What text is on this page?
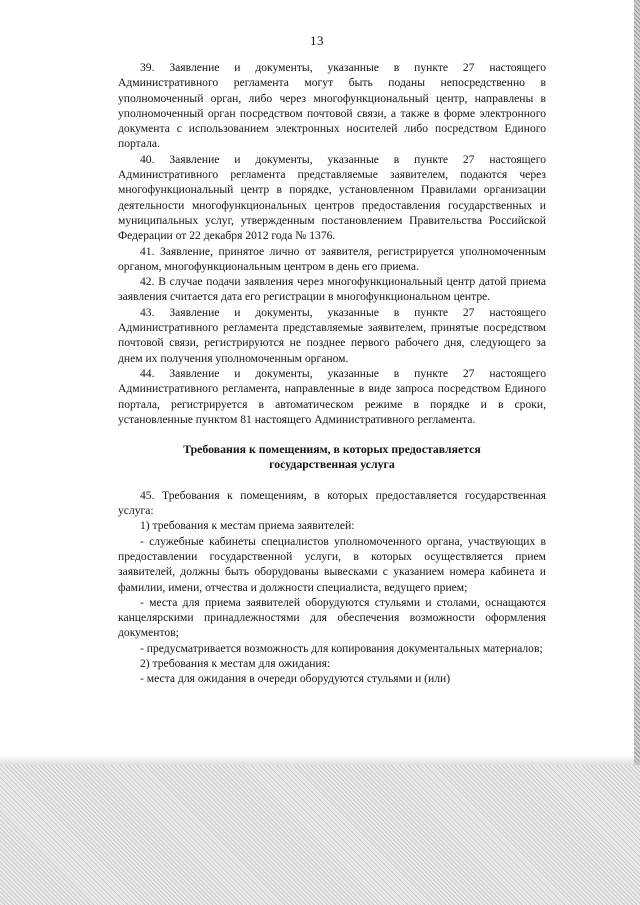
13

39. Заявление и документы, указанные в пункте 27 настоящего Административного регламента могут быть поданы непосредственно в уполномоченный орган, либо через многофункциональный центр, направлены в уполномоченный орган посредством почтовой связи, а также в форме электронного документа с использованием электронных носителей либо посредством Единого портала.

40. Заявление и документы, указанные в пункте 27 настоящего Административного регламента представляемые заявителем, подаются через многофункциональный центр в порядке, установленном Правилами организации деятельности многофункциональных центров предоставления государственных и муниципальных услуг, утвержденным постановлением Правительства Российской Федерации от 22 декабря 2012 года № 1376.

41. Заявление, принятое лично от заявителя, регистрируется уполномоченным органом, многофункциональным центром в день его приема.

42. В случае подачи заявления через многофункциональный центр датой приема заявления считается дата его регистрации в многофункциональном центре.

43. Заявление и документы, указанные в пункте 27 настоящего Административного регламента представляемые заявителем, принятые посредством почтовой связи, регистрируются не позднее первого рабочего дня, следующего за днем их получения уполномоченным органом.

44. Заявление и документы, указанные в пункте 27 настоящего Административного регламента, направленные в виде запроса посредством Единого портала, регистрируется в автоматическом режиме в порядке и в сроки, установленные пунктом 81 настоящего Административного регламента.

Требования к помещениям, в которых предоставляется государственная услуга

45. Требования к помещениям, в которых предоставляется государственная услуга:

1) требования к местам приема заявителей:

- служебные кабинеты специалистов уполномоченного органа, участвующих в предоставлении государственной услуги, в которых осуществляется прием заявителей, должны быть оборудованы вывесками с указанием номера кабинета и фамилии, имени, отчества и должности специалиста, ведущего прием;

- места для приема заявителей оборудуются стульями и столами, оснащаются канцелярскими принадлежностями для обеспечения возможности оформления документов;

- предусматривается возможность для копирования документальных материалов;

2) требования к местам для ожидания:

- места для ожидания в очереди оборудуются стульями и (или)
